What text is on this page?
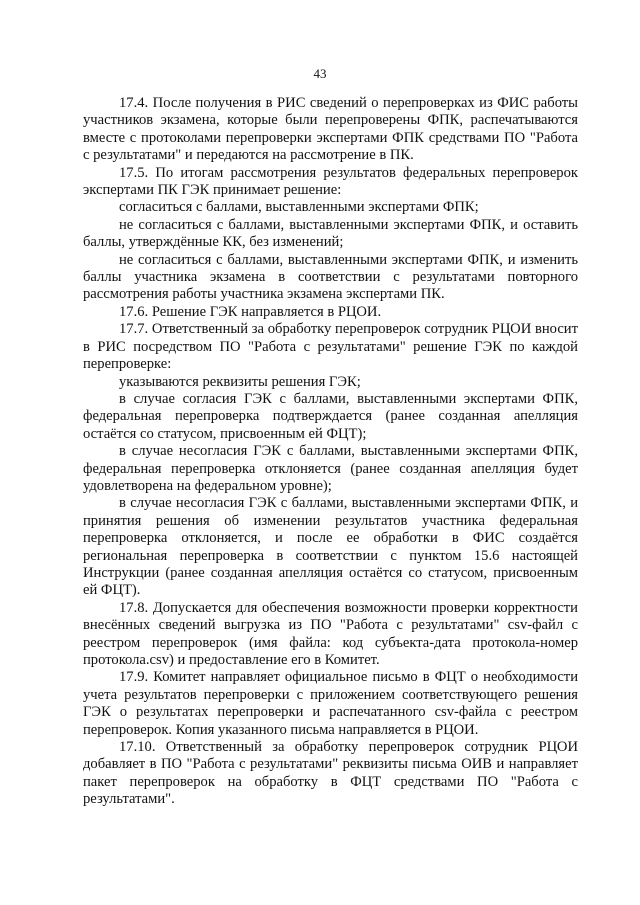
43

17.4. После получения в РИС сведений о перепроверках из ФИС работы участников экзамена, которые были перепроверены ФПК, распечатываются вместе с протоколами перепроверки экспертами ФПК средствами ПО "Работа с результатами" и передаются на рассмотрение в ПК.

17.5. По итогам рассмотрения результатов федеральных перепроверок экспертами ПК ГЭК принимает решение:

согласиться с баллами, выставленными экспертами ФПК;

не согласиться с баллами, выставленными экспертами ФПК, и оставить баллы, утверждённые КК, без изменений;

не согласиться с баллами, выставленными экспертами ФПК, и изменить баллы участника экзамена в соответствии с результатами повторного рассмотрения работы участника экзамена экспертами ПК.

17.6. Решение ГЭК направляется в РЦОИ.

17.7. Ответственный за обработку перепроверок сотрудник РЦОИ вносит в РИС посредством ПО "Работа с результатами" решение ГЭК по каждой перепроверке:

указываются реквизиты решения ГЭК;

в случае согласия ГЭК с баллами, выставленными экспертами ФПК, федеральная перепроверка подтверждается (ранее созданная апелляция остаётся со статусом, присвоенным ей ФЦТ);

в случае несогласия ГЭК с баллами, выставленными экспертами ФПК, федеральная перепроверка отклоняется (ранее созданная апелляция будет удовлетворена на федеральном уровне);

в случае несогласия ГЭК с баллами, выставленными экспертами ФПК, и принятия решения об изменении результатов участника федеральная перепроверка отклоняется, и после ее обработки в ФИС создаётся региональная перепроверка в соответствии с пунктом 15.6 настоящей Инструкции (ранее созданная апелляция остаётся со статусом, присвоенным ей ФЦТ).

17.8. Допускается для обеспечения возможности проверки корректности внесённых сведений выгрузка из ПО "Работа с результатами" csv-файл с реестром перепроверок (имя файла: код субъекта-дата протокола-номер протокола.csv) и предоставление его в Комитет.

17.9. Комитет направляет официальное письмо в ФЦТ о необходимости учета результатов перепроверки с приложением соответствующего решения ГЭК о результатах перепроверки и распечатанного csv-файла с реестром перепроверок. Копия указанного письма направляется в РЦОИ.

17.10. Ответственный за обработку перепроверок сотрудник РЦОИ добавляет в ПО "Работа с результатами" реквизиты письма ОИВ и направляет пакет перепроверок на обработку в ФЦТ средствами ПО "Работа с результатами".
